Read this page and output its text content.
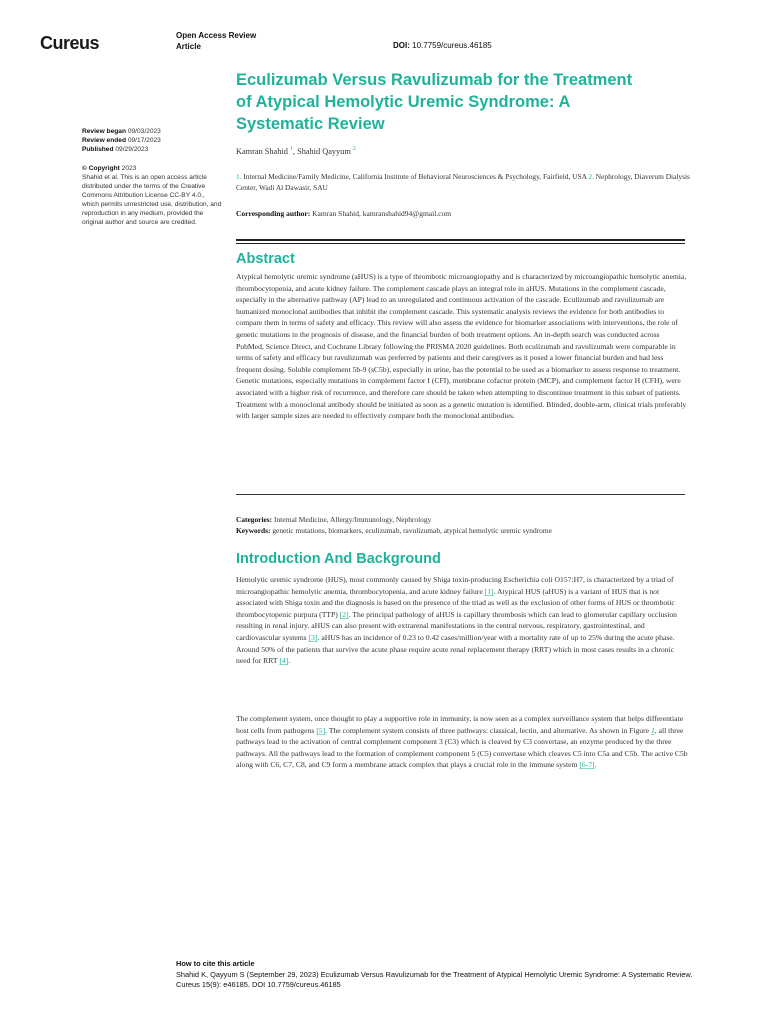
Cureus	Open Access Review
Article	DOI: 10.7759/cureus.46185
Eculizumab Versus Ravulizumab for the Treatment of Atypical Hemolytic Uremic Syndrome: A Systematic Review
Review began 09/03/2023
Review ended 09/17/2023
Published 09/29/2023
© Copyright 2023
Shahid et al. This is an open access article distributed under the terms of the Creative Commons Attribution License CC-BY 4.0., which permits unrestricted use, distribution, and reproduction in any medium, provided the original author and source are credited.
Kamran Shahid $^1$, Shahid Qayyum $^2$
1. Internal Medicine/Family Medicine, California Institute of Behavioral Neurosciences & Psychology, Fairfield, USA 2. Nephrology, Diaverum Dialysis Center, Wadi Al Dawasir, SAU
Corresponding author: Kamran Shahid, kamranshahid94@gmail.com
Abstract

Atypical hemolytic uremic syndrome (aHUS) is a type of thrombotic microangiopathy and is characterized by microangiopathic hemolytic anemia, thrombocytopenia, and acute kidney failure. The complement cascade plays an integral role in aHUS. Mutations in the complement cascade, especially in the alternative pathway (AP) lead to an unregulated and continuous activation of the cascade. Eculizumab and ravulizumab are humanized monoclonal antibodies that inhibit the complement cascade. This systematic analysis reviews the evidence for both antibodies to compare them in terms of safety and efficacy. This review will also assess the evidence for biomarker associations with interventions, the role of genetic mutations in the prognosis of disease, and the financial burden of both treatment options. An in-depth search was conducted across PubMed, Science Direct, and Cochrane Library following the PRISMA 2020 guidelines. Both eculizumab and ravulizumab were comparable in terms of safety and efficacy but ravulizumab was preferred by patients and their caregivers as it posed a lower financial burden and had less frequent dosing. Soluble complement 5b-9 (sC5b), especially in urine, has the potential to be used as a biomarker to assess response to treatment. Genetic mutations, especially mutations in complement factor I (CFI), membrane cofactor protein (MCP), and complement factor H (CFH), were associated with a higher risk of recurrence, and therefore care should be taken when attempting to discontinue treatment in this subset of patients. Treatment with a monoclonal antibody should be initiated as soon as a genetic mutation is identified. Blinded, double-arm, clinical trials preferably with larger sample sizes are needed to effectively compare both the monoclonal antibodies.

Categories: Internal Medicine, Allergy/Immunology, Nephrology
Keywords: genetic mutations, biomarkers, eculizumab, ravulizumab, atypical hemolytic uremic syndrome
Introduction And Background

Hemolytic uremic syndrome (HUS), most commonly caused by Shiga toxin-producing Escherichia coli O157:H7, is characterized by a triad of microangiopathic hemolytic anemia, thrombocytopenia, and acute kidney failure [1]. Atypical HUS (aHUS) is a variant of HUS that is not associated with Shiga toxin and the diagnosis is based on the presence of the triad as well as the exclusion of other forms of HUS or thrombotic thrombocytopenic purpura (TTP) [2]. The principal pathology of aHUS is capillary thrombosis which can lead to glomerular capillary occlusion resulting in renal injury. aHUS can also present with extrarenal manifestations in the central nervous, respiratory, gastrointestinal, and cardiovascular systems [3]. aHUS has an incidence of 0.23 to 0.42 cases/million/year with a mortality rate of up to 25% during the acute phase. Around 50% of the patients that survive the acute phase require acute renal replacement therapy (RRT) which in most cases results in a chronic need for RRT [4].

The complement system, once thought to play a supportive role in immunity, is now seen as a complex surveillance system that helps differentiate host cells from pathogens [5]. The complement system consists of three pathways: classical, lectin, and alternative. As shown in Figure 1, all three pathways lead to the activation of central complement component 3 (C3) which is cleaved by C3 convertase, an enzyme produced by the three pathways. All the pathways lead to the formation of complement component 5 (C5) convertase which cleaves C5 into C5a and C5b. The active C5b along with C6, C7, C8, and C9 form a membrane attack complex that plays a crucial role in the immune system [6-7].

How to cite this article
Shahid K, Qayyum S (September 29, 2023) Eculizumab Versus Ravulizumab for the Treatment of Atypical Hemolytic Uremic Syndrome: A Systematic Review. Cureus 15(9): e46185. DOI 10.7759/cureus.46185
